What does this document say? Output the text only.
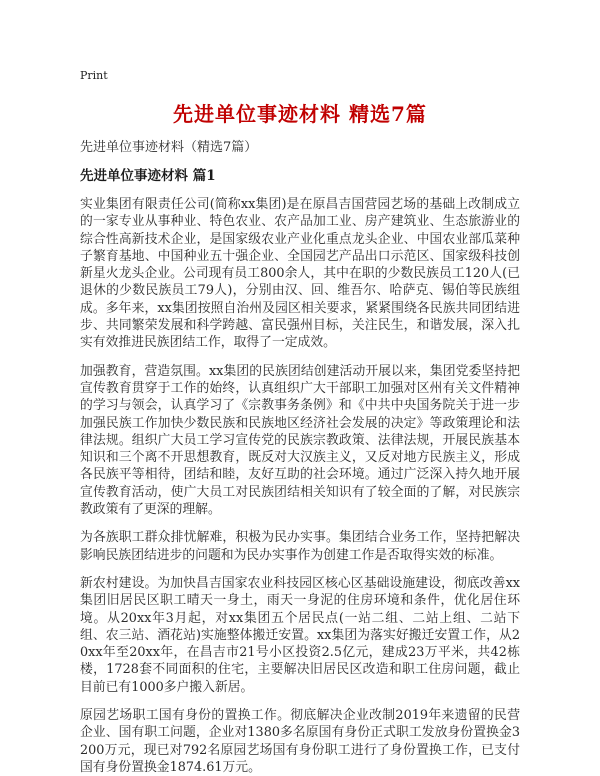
Print
先进单位事迹材料 精选7篇
先进单位事迹材料（精选7篇）
先进单位事迹材料 篇1

实业集团有限责任公司(简称xx集团)是在原昌吉国营园艺场的基础上改制成立的一家专业从事种业、特色农业、农产品加工业、房产建筑业、生态旅游业的综合性高新技术企业，是国家级农业产业化重点龙头企业、中国农业部瓜菜种子繁育基地、中国种业五十强企业、全国园艺产品出口示范区、国家级科技创新星火龙头企业。公司现有员工800余人，其中在职的少数民族员工120人(已退休的少数民族员工79人)，分别由汉、回、维吾尔、哈萨克、锡伯等民族组成。多年来，xx集团按照自治州及园区相关要求，紧紧围绕各民族共同团结进步、共同繁荣发展和科学跨越、富民强州目标，关注民生，和谐发展，深入扎实有效推进民族团结工作，取得了一定成效。

加强教育，营造氛围。xx集团的民族团结创建活动开展以来，集团党委坚持把宣传教育贯穿于工作的始终，认真组织广大干部职工加强对区州有关文件精神的学习与领会，认真学习了《宗教事务条例》和《中共中央国务院关于进一步加强民族工作加快少数民族和民族地区经济社会发展的决定》等政策理论和法律法规。组织广大员工学习宣传党的民族宗教政策、法律法规，开展民族基本知识和三个离不开思想教育，既反对大汉族主义，又反对地方民族主义，形成各民族平等相待，团结和睦，友好互助的社会环境。通过广泛深入持久地开展宣传教育活动，使广大员工对民族团结相关知识有了较全面的了解，对民族宗教政策有了更深的理解。

为各族职工群众排忧解难，积极为民办实事。集团结合业务工作，坚持把解决影响民族团结进步的问题和为民办实事作为创建工作是否取得实效的标准。

新农村建设。为加快昌吉国家农业科技园区核心区基础设施建设，彻底改善xx集团旧居民区职工晴天一身土，雨天一身泥的住房环境和条件，优化居住环境。从20xx年3月起，对xx集团五个居民点(一站二组、二站上组、二站下组、农三站、酒花站)实施整体搬迁安置。xx集团为落实好搬迁安置工作，从20xx年至20xx年，在昌吉市21号小区投资2.5亿元，建成23万平米，共42栋楼，1728套不同面积的住宅，主要解决旧居民区改造和职工住房问题，截止目前已有1000多户搬入新居。

原园艺场职工国有身份的置换工作。彻底解决企业改制2019年来遗留的民营企业、国有职工问题，企业对1380多名原国有身份正式职工发放身份置换金3200万元，现已对792名原园艺场国有身份职工进行了身份置换工作，已支付国有身份置换金1874.61万元。
